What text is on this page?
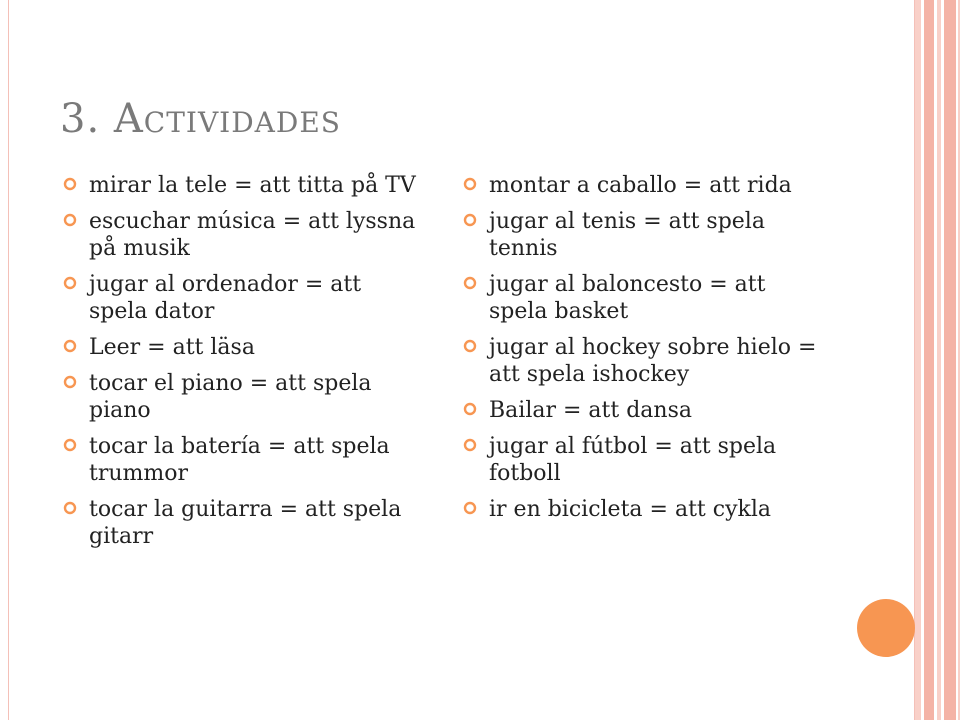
3. Actividades
mirar la tele = att titta på TV
escuchar música = att lyssna på musik
jugar al ordenador = att spela dator
Leer = att läsa
tocar el piano = att spela piano
tocar la batería = att spela trummor
tocar la guitarra = att spela gitarr
montar a caballo = att rida
jugar al tenis = att spela tennis
jugar al baloncesto = att spela basket
jugar al hockey sobre hielo = att spela ishockey
Bailar = att dansa
jugar al fútbol = att spela fotboll
ir en bicicleta = att cykla
